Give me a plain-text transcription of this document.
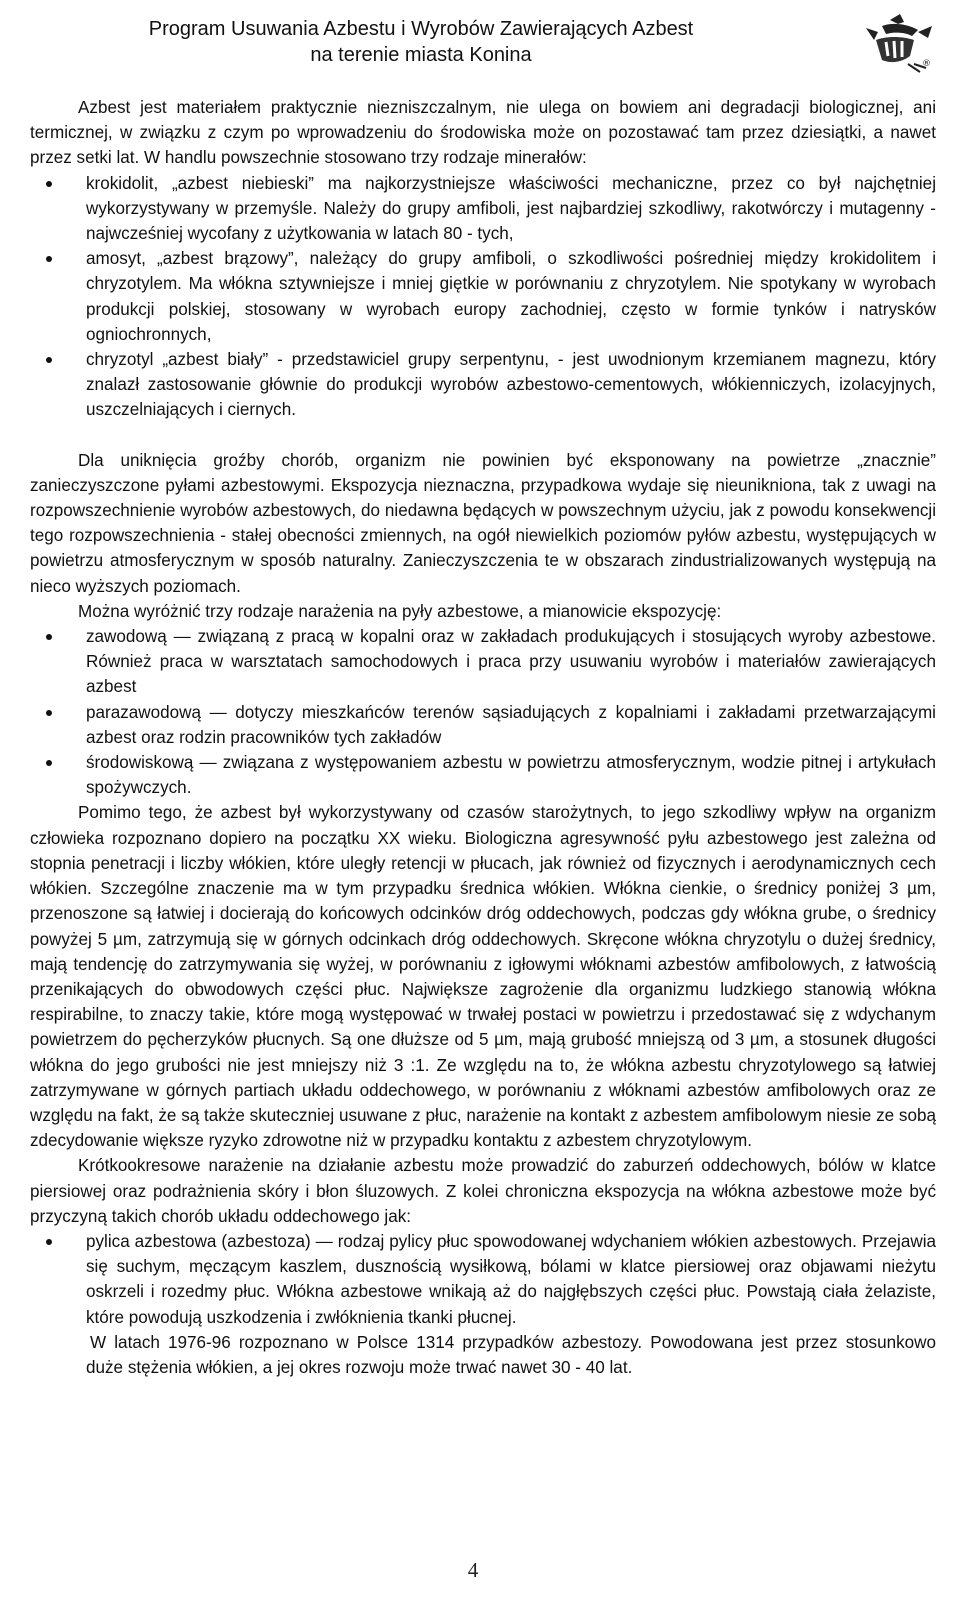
Program Usuwania Azbestu i Wyrobów Zawierających Azbest
na terenie miasta Konina	®

Azbest jest materiałem praktycznie niezniszczalnym, nie ulega on bowiem ani degradacji biologicznej, ani termicznej, w związku z czym po wprowadzeniu do środowiska może on pozostawać tam przez dziesiątki, a nawet przez setki lat. W handlu powszechnie stosowano trzy rodzaje minerałów:

krokidolit, „azbest niebieski” ma najkorzystniejsze właściwości mechaniczne, przez co był najchętniej wykorzystywany w przemyśle. Należy do grupy amfiboli, jest najbardziej szkodliwy, rakotwórczy i mutagenny - najwcześniej wycofany z użytkowania w latach 80 - tych,
amosyt, „azbest brązowy”, należący do grupy amfiboli, o szkodliwości pośredniej między krokidolitem i chryzotylem. Ma włókna sztywniejsze i mniej giętkie w porównaniu z chryzotylem. Nie spotykany w wyrobach produkcji polskiej, stosowany w wyrobach europy zachodniej, często w formie tynków i natrysków ogniochronnych,
chryzotyl „azbest biały” - przedstawiciel grupy serpentynu, - jest uwodnionym krzemianem magnezu, który znalazł zastosowanie głównie do produkcji wyrobów azbestowo-cementowych, włókienniczych, izolacyjnych, uszczelniających i ciernych.

Dla uniknięcia groźby chorób, organizm nie powinien być eksponowany na powietrze „znacznie” zanieczyszczone pyłami azbestowymi. Ekspozycja nieznaczna, przypadkowa wydaje się nieunikniona, tak z uwagi na rozpowszechnienie wyrobów azbestowych, do niedawna będących w powszechnym użyciu, jak z powodu konsekwencji tego rozpowszechnienia - stałej obecności zmiennych, na ogół niewielkich poziomów pyłów azbestu, występujących w powietrzu atmosferycznym w sposób naturalny. Zanieczyszczenia te w obszarach zindustrializowanych występują na nieco wyższych poziomach.

Można wyróżnić trzy rodzaje narażenia na pyły azbestowe, a mianowicie ekspozycję:

zawodową — związaną z pracą w kopalni oraz w zakładach produkujących i stosujących wyroby azbestowe. Również praca w warsztatach samochodowych i praca przy usuwaniu wyrobów i materiałów zawierających azbest
parazawodową — dotyczy mieszkańców terenów sąsiadujących z kopalniami i zakładami przetwarzającymi azbest oraz rodzin pracowników tych zakładów
środowiskową — związana z występowaniem azbestu w powietrzu atmosferycznym, wodzie pitnej i artykułach spożywczych.

Pomimo tego, że azbest był wykorzystywany od czasów starożytnych, to jego szkodliwy wpływ na organizm człowieka rozpoznano dopiero na początku XX wieku. Biologiczna agresywność pyłu azbestowego jest zależna od stopnia penetracji i liczby włókien, które uległy retencji w płucach, jak również od fizycznych i aerodynamicznych cech włókien. Szczególne znaczenie ma w tym przypadku średnica włókien. Włókna cienkie, o średnicy poniżej 3 µm, przenoszone są łatwiej i docierają do końcowych odcinków dróg oddechowych, podczas gdy włókna grube, o średnicy powyżej 5 µm, zatrzymują się w górnych odcinkach dróg oddechowych. Skręcone włókna chryzotylu o dużej średnicy, mają tendencję do zatrzymywania się wyżej, w porównaniu z igłowymi włóknami azbestów amfibolowych, z łatwością przenikających do obwodowych części płuc. Największe zagrożenie dla organizmu ludzkiego stanowią włókna respirabilne, to znaczy takie, które mogą występować w trwałej postaci w powietrzu i przedostawać się z wdychanym powietrzem do pęcherzyków płucnych. Są one dłuższe od 5 µm, mają grubość mniejszą od 3 µm, a stosunek długości włókna do jego grubości nie jest mniejszy niż 3 :1. Ze względu na to, że włókna azbestu chryzotylowego są łatwiej zatrzymywane w górnych partiach układu oddechowego, w porównaniu z włóknami azbestów amfibolowych oraz ze względu na fakt, że są także skuteczniej usuwane z płuc, narażenie na kontakt z azbestem amfibolowym niesie ze sobą zdecydowanie większe ryzyko zdrowotne niż w przypadku kontaktu z azbestem chryzotylowym.

Krótkookresowe narażenie na działanie azbestu może prowadzić do zaburzeń oddechowych, bólów w klatce piersiowej oraz podrażnienia skóry i błon śluzowych. Z kolei chroniczna ekspozycja na włókna azbestowe może być przyczyną takich chorób układu oddechowego jak:

pylica azbestowa (azbestoza) — rodzaj pylicy płuc spowodowanej wdychaniem włókien azbestowych. Przejawia się suchym, męczącym kaszlem, dusznością wysiłkową, bólami w klatce piersiowej oraz objawami nieżytu oskrzeli i rozedmy płuc. Włókna azbestowe wnikają aż do najgłębszych części płuc. Powstają ciała żelaziste, które powodują uszkodzenia i zwłóknienia tkanki płucnej.

W latach 1976-96 rozpoznano w Polsce 1314 przypadków azbestozy. Powodowana jest przez stosunkowo duże stężenia włókien, a jej okres rozwoju może trwać nawet 30 - 40 lat.

4
